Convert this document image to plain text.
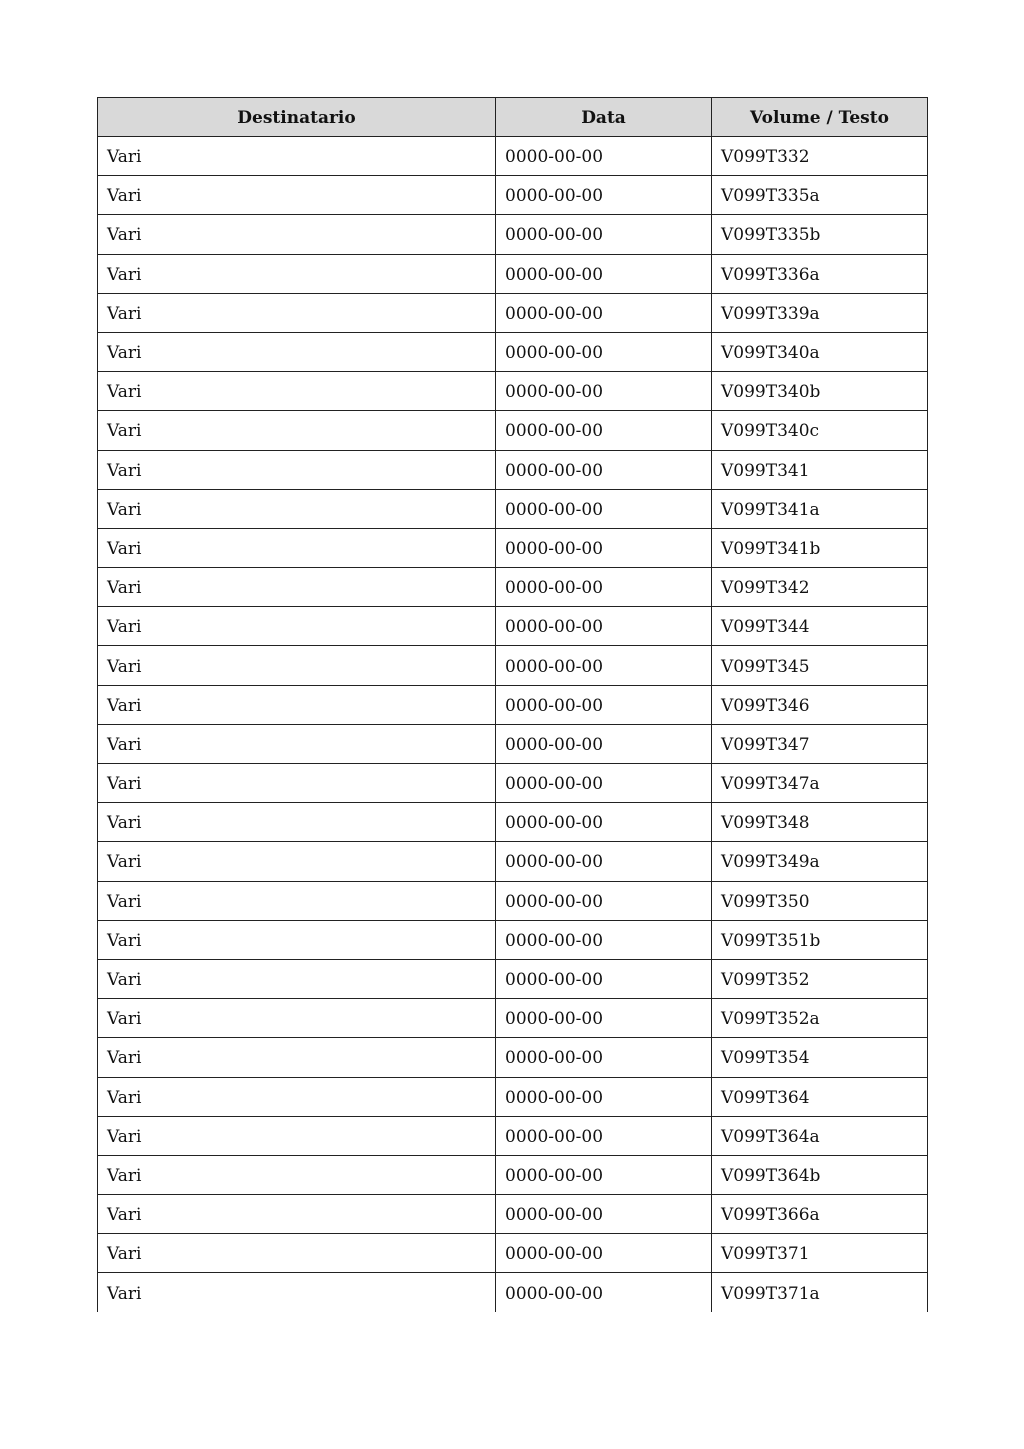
Destinatario	Data	Volume / Testo
Vari	0000-00-00	V099T332
Vari	0000-00-00	V099T335a
Vari	0000-00-00	V099T335b
Vari	0000-00-00	V099T336a
Vari	0000-00-00	V099T339a
Vari	0000-00-00	V099T340a
Vari	0000-00-00	V099T340b
Vari	0000-00-00	V099T340c
Vari	0000-00-00	V099T341
Vari	0000-00-00	V099T341a
Vari	0000-00-00	V099T341b
Vari	0000-00-00	V099T342
Vari	0000-00-00	V099T344
Vari	0000-00-00	V099T345
Vari	0000-00-00	V099T346
Vari	0000-00-00	V099T347
Vari	0000-00-00	V099T347a
Vari	0000-00-00	V099T348
Vari	0000-00-00	V099T349a
Vari	0000-00-00	V099T350
Vari	0000-00-00	V099T351b
Vari	0000-00-00	V099T352
Vari	0000-00-00	V099T352a
Vari	0000-00-00	V099T354
Vari	0000-00-00	V099T364
Vari	0000-00-00	V099T364a
Vari	0000-00-00	V099T364b
Vari	0000-00-00	V099T366a
Vari	0000-00-00	V099T371
Vari	0000-00-00	V099T371a
